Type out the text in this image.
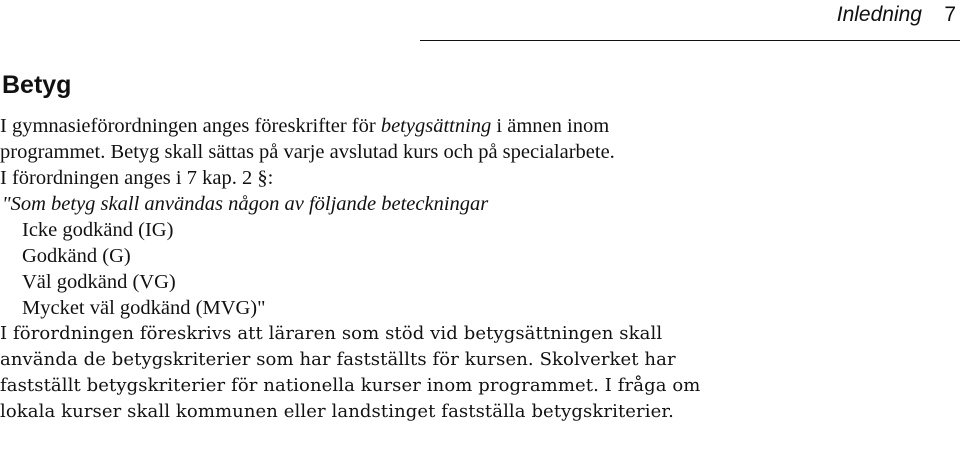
Inledning 7
Betyg
I gymnasieförordningen anges föreskrifter för betygsättning i ämnen inom
programmet. Betyg skall sättas på varje avslutad kurs och på specialarbete.
I förordningen anges i 7 kap. 2 §:
"Som betyg skall användas någon av följande beteckningar
Icke godkänd (IG)
Godkänd (G)
Väl godkänd (VG)
Mycket väl godkänd (MVG)"
I förordningen föreskrivs att läraren som stöd vid betygsättningen skall
använda de betygskriterier som har fastställts för kursen. Skolverket har
fastställt betygskriterier för nationella kurser inom programmet. I fråga om
lokala kurser skall kommunen eller landstinget fastställa betygskriterier.
